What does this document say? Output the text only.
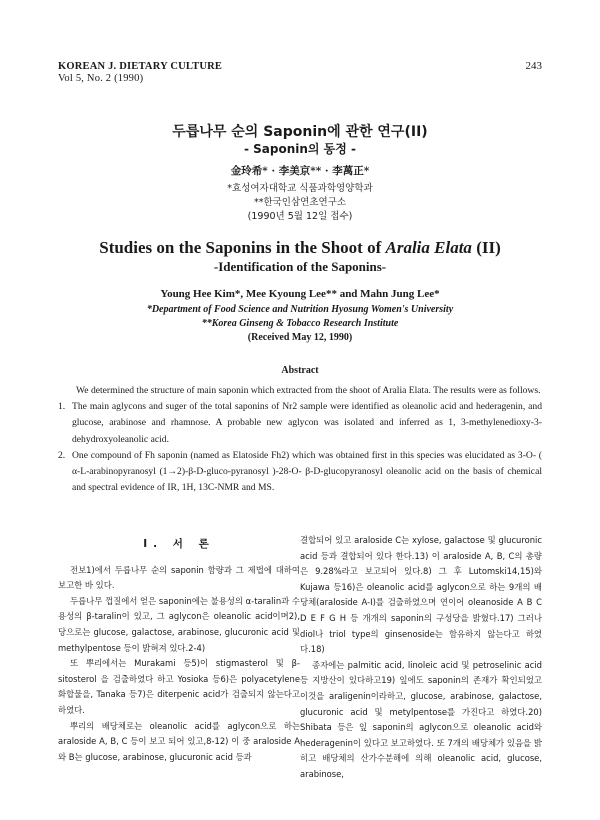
KOREAN J. DIETARY CULTURE
Vol 5, No. 2 (1990)
243
두릅나무 순의 Saponin에 관한 연구(II)
- Saponin의 동정 -
金玲希* · 李美京** · 李萬正*
*효성여자대학교 식품과학영양학과
**한국인삼연초연구소
(1990년 5월 12일 접수)
Studies on the Saponins in the Shoot of Aralia Elata (II)
-Identification of the Saponins-
Young Hee Kim*, Mee Kyoung Lee** and Mahn Jung Lee*
*Department of Food Science and Nutrition Hyosung Women's University
**Korea Ginseng & Tobacco Research Institute
(Received May 12, 1990)
Abstract

We determined the structure of main saponin which extracted from the shoot of Aralia Elata. The results were as follows.

1. The main aglycons and suger of the total saponins of Nr2 sample were identified as oleanolic acid and hederagenin, and glucose, arabinose and rhamnose. A probable new aglycon was isolated and inferred as 1, 3-methylenedioxy-3-dehydroxyoleanolic acid.
2. One compound of Fh saponin (named as Elatoside Fh2) which was obtained first in this species was elucidated as 3-O- ( α-L-arabinopyranosyl (1→2)-β-D-gluco-pyranosyl )-28-O- β-D-glucopyranosyl oleanolic acid on the basis of chemical and spectral evidence of IR, 1H, 13C-NMR and MS.

I. 서 론

전보1)에서 두릅나무 순의 saponin 함량과 그 제법에 대하여 보고한 바 있다.

두릅나무 껍질에서 얻은 saponin에는 불용성의 α-taralin과 수용성의 β-taralin이 있고, 그 aglycon은 oleanolic acid이며2), 당으로는 glucose, galactose, arabinose, glucuronic acid 및 methylpentose 등이 밝혀져 있다.2-4)

또 뿌리에서는 Murakami 등5)이 stigmasterol 및 β-sitosterol 을 검출하였다 하고 Yosioka 등6)은 polyacetylene 화합물을, Tanaka 등7)은 diterpenic acid가 검출되지 않는다고 하였다.

뿌리의 배당체로는 oleanolic acid를 aglycon으로 하는 araloside A, B, C 등이 보고 되어 있고,8-12) 이 중 araloside A와 B는 glucose, arabinose, glucuronic acid 등과

결합되어 있고 araloside C는 xylose, galactose 및 glucuronic acid 등과 결합되어 있다 한다.13) 이 araloside A, B, C의 총량은 9.28%라고 보고되어 있다.8) 그 후 Lutomski14,15)와 Kujawa 등16)은 oleanolic acid를 aglycon으로 하는 9개의 배당체(araloside A-I)를 검출하였으며 연이어 oleanoside A B C D E F G H 등 개개의 saponin의 구성당을 밝혔다.17) 그러나 diol나 triol type의 ginsenoside는 함유하지 않는다고 하였다.18)

종자에는 palmitic acid, linoleic acid 및 petroselinic acid 등 지방산이 있다하고19) 잎에도 saponin의 존재가 확인되었고 이것을 araligenin이라하고, glucose, arabinose, galactose, glucuronic acid 및 metylpentose를 가진다고 하였다.20) Shibata 등은 잎 saponin의 aglycon으로 oleanolic acid와 hederagenin이 있다고 보고하였다. 또 7개의 배당체가 있음을 밝히고 배당체의 산가수분해에 의해 oleanolic acid, glucose, arabinose,
